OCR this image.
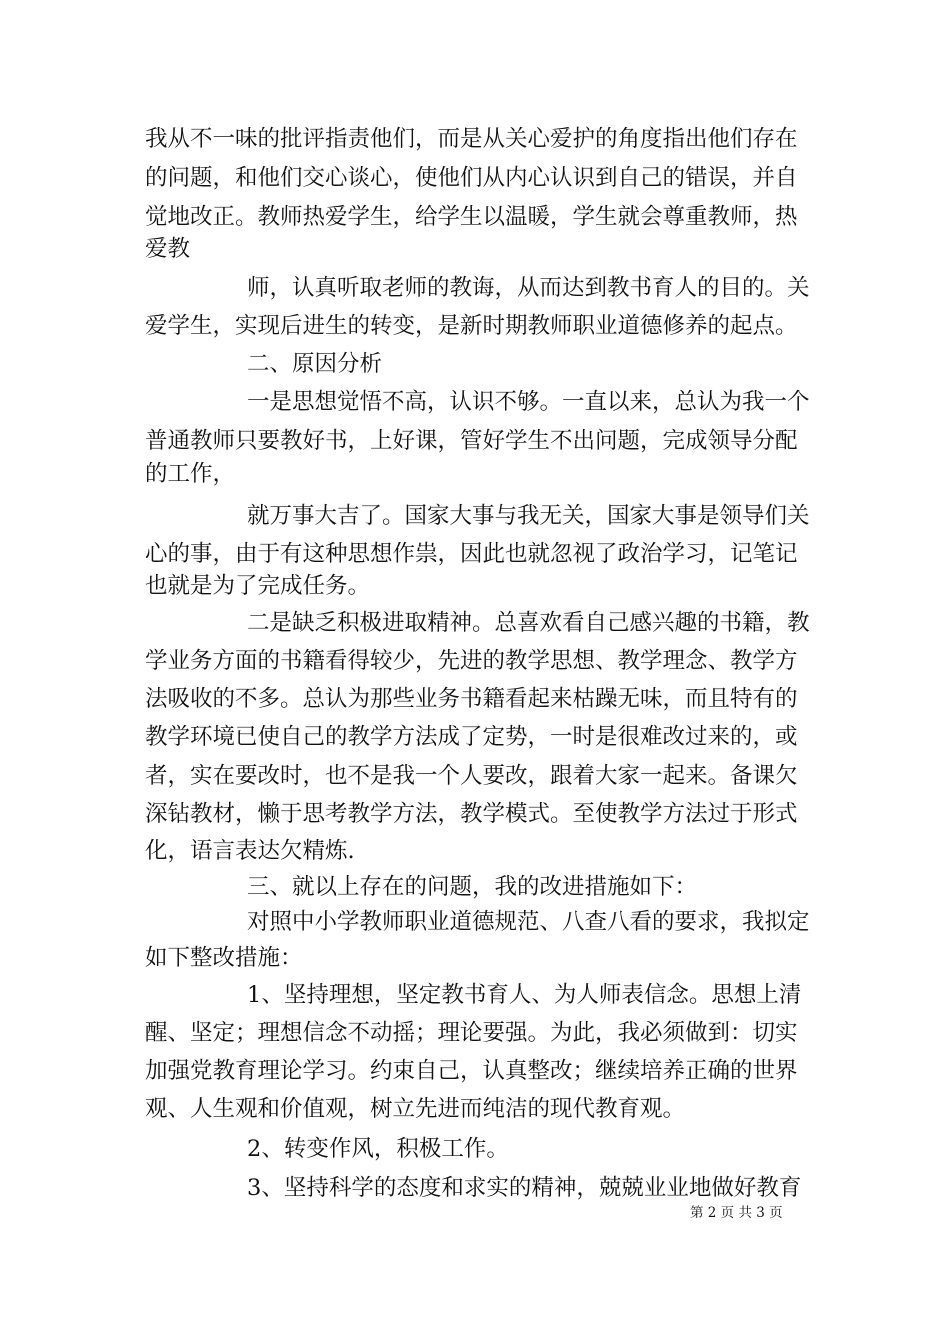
我从不一味的批评指责他们，而是从关心爱护的角度指出他们存在

的问题，和他们交心谈心，使他们从内心认识到自己的错误，并自

觉地改正。教师热爱学生，给学生以温暖，学生就会尊重教师，热

爱教

师，认真听取老师的教诲，从而达到教书育人的目的。关

爱学生，实现后进生的转变，是新时期教师职业道德修养的起点。

二、原因分析

一是思想觉悟不高，认识不够。一直以来，总认为我一个

普通教师只要教好书，上好课，管好学生不出问题，完成领导分配

的工作，

就万事大吉了。国家大事与我无关，国家大事是领导们关

心的事，由于有这种思想作祟，因此也就忽视了政治学习，记笔记

也就是为了完成任务。

二是缺乏积极进取精神。总喜欢看自己感兴趣的书籍，教

学业务方面的书籍看得较少，先进的教学思想、教学理念、教学方

法吸收的不多。总认为那些业务书籍看起来枯躁无味，而且特有的

教学环境已使自己的教学方法成了定势，一时是很难改过来的，或

者，实在要改时，也不是我一个人要改，跟着大家一起来。备课欠

深钻教材，懒于思考教学方法，教学模式。至使教学方法过于形式

化，语言表达欠精炼.

三、就以上存在的问题，我的改进措施如下：

对照中小学教师职业道德规范、八查八看的要求，我拟定

如下整改措施：

1、坚持理想，坚定教书育人、为人师表信念。思想上清

醒、坚定；理想信念不动摇；理论要强。为此，我必须做到：切实

加强党教育理论学习。约束自己，认真整改；继续培养正确的世界

观、人生观和价值观，树立先进而纯洁的现代教育观。

2、转变作风，积极工作。

3、坚持科学的态度和求实的精神，兢兢业业地做好教育

第 2 页 共 3 页
